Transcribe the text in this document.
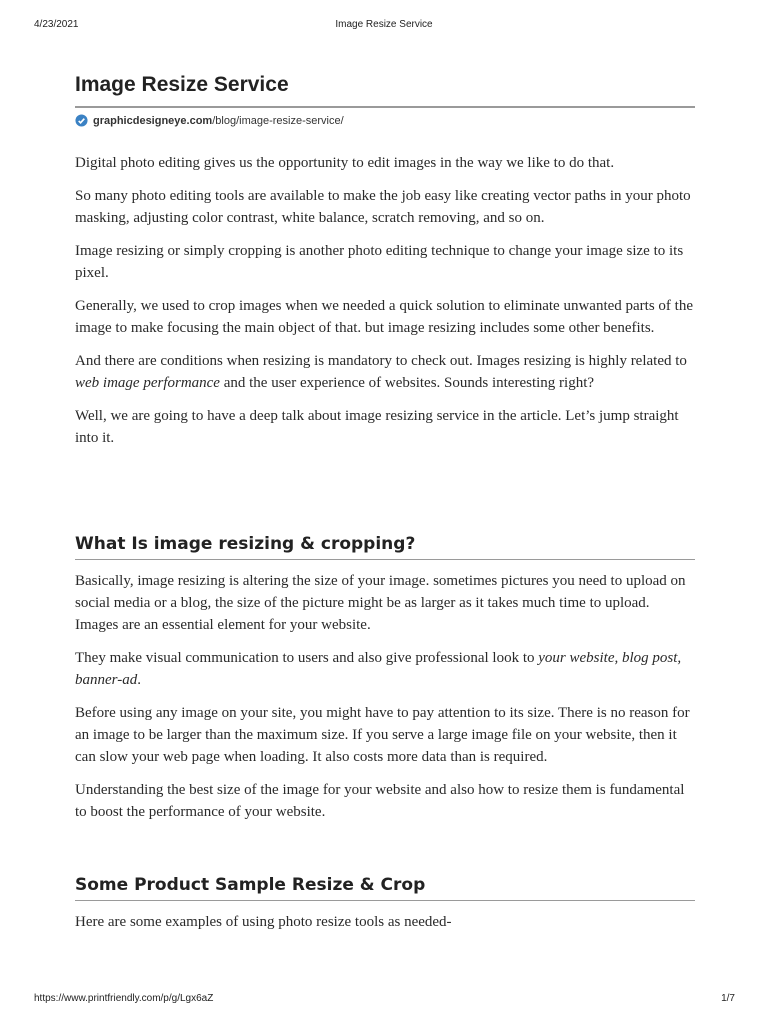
4/23/2021	Image Resize Service
Image Resize Service
graphicdesigneye.com /blog/image-resize-service/

Digital photo editing gives us the opportunity to edit images in the way we like to do that.

So many photo editing tools are available to make the job easy like creating vector paths in your photo masking, adjusting color contrast, white balance, scratch removing, and so on.

Image resizing or simply cropping is another photo editing technique to change your image size to its pixel.

Generally, we used to crop images when we needed a quick solution to eliminate unwanted parts of the image to make focusing the main object of that. but image resizing includes some other benefits.

And there are conditions when resizing is mandatory to check out. Images resizing is highly related to web image performance and the user experience of websites. Sounds interesting right?

Well, we are going to have a deep talk about image resizing service in the article. Let’s jump straight into it.

What Is image resizing & cropping?

Basically, image resizing is altering the size of your image. sometimes pictures you need to upload on social media or a blog, the size of the picture might be as larger as it takes much time to upload. Images are an essential element for your website.

They make visual communication to users and also give professional look to your website, blog post, banner-ad.

Before using any image on your site, you might have to pay attention to its size. There is no reason for an image to be larger than the maximum size. If you serve a large image file on your website, then it can slow your web page when loading. It also costs more data than is required.

Understanding the best size of the image for your website and also how to resize them is fundamental to boost the performance of your website.

Some Product Sample Resize & Crop

Here are some examples of using photo resize tools as needed-

https://www.printfriendly.com/p/g/Lgx6aZ	1/7
